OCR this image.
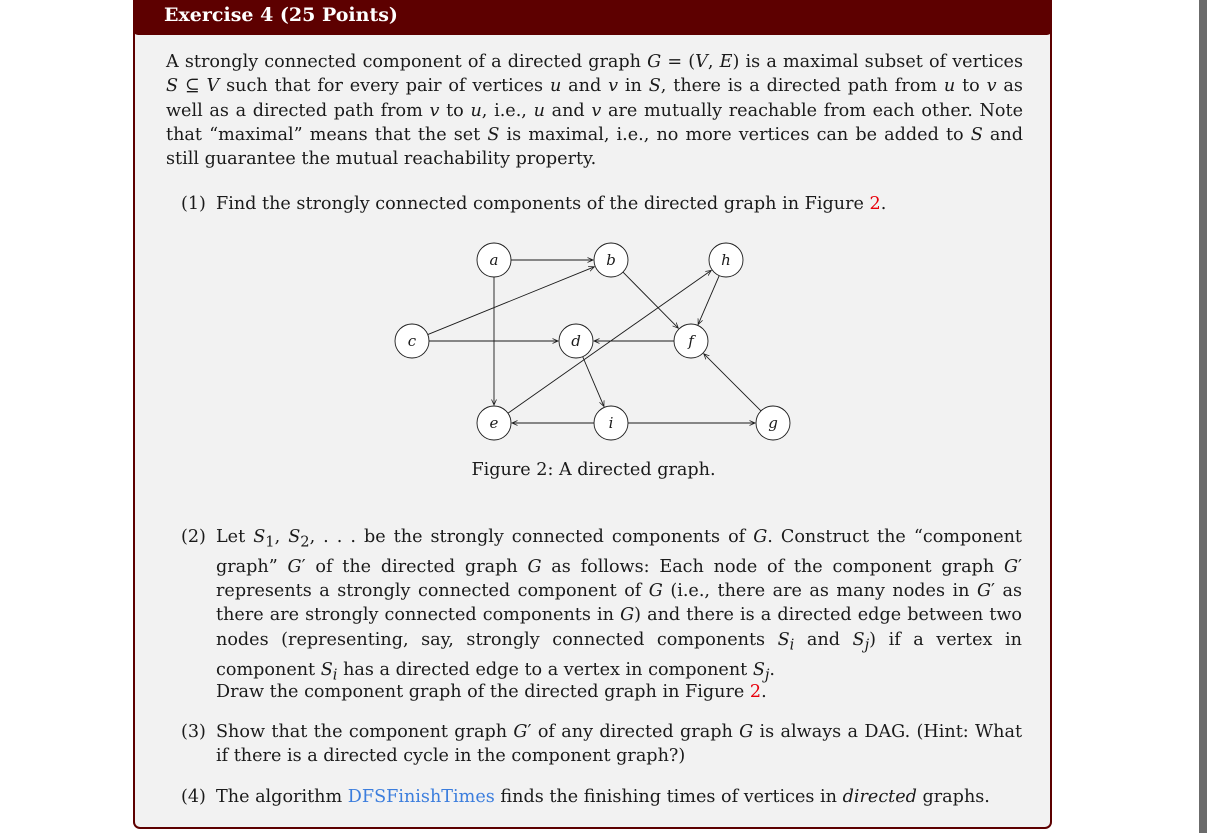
Exercise 4 (25 Points)
A strongly connected component of a directed graph G = (V, E) is a maximal subset of vertices S ⊆ V such that for every pair of vertices u and v in S, there is a directed path from u to v as well as a directed path from v to u, i.e., u and v are mutually reachable from each other. Note that “maximal” means that the set S is maximal, i.e., no more vertices can be added to S and still guarantee the mutual reachability property.
(1) Find the strongly connected components of the directed graph in Figure 2.
a	b	h
c	d	f
e	i	g
Figure 2: A directed graph.
(2) Let $S_1$, $S_2$, . . . be the strongly connected components of G. Construct the “component graph” G′ of the directed graph G as follows: Each node of the component graph G′ represents a strongly connected component of G (i.e., there are as many nodes in G′ as there are strongly connected components in G) and there is a directed edge between two nodes (representing, say, strongly connected components $S_i$ and $S_j$) if a vertex in component $S_i$ has a directed edge to a vertex in component $S_j$.
Draw the component graph of the directed graph in Figure 2.
(3) Show that the component graph G′ of any directed graph G is always a DAG. (Hint: What if there is a directed cycle in the component graph?)
(4) The algorithm DFSFinishTimes finds the finishing times of vertices in directed graphs.
